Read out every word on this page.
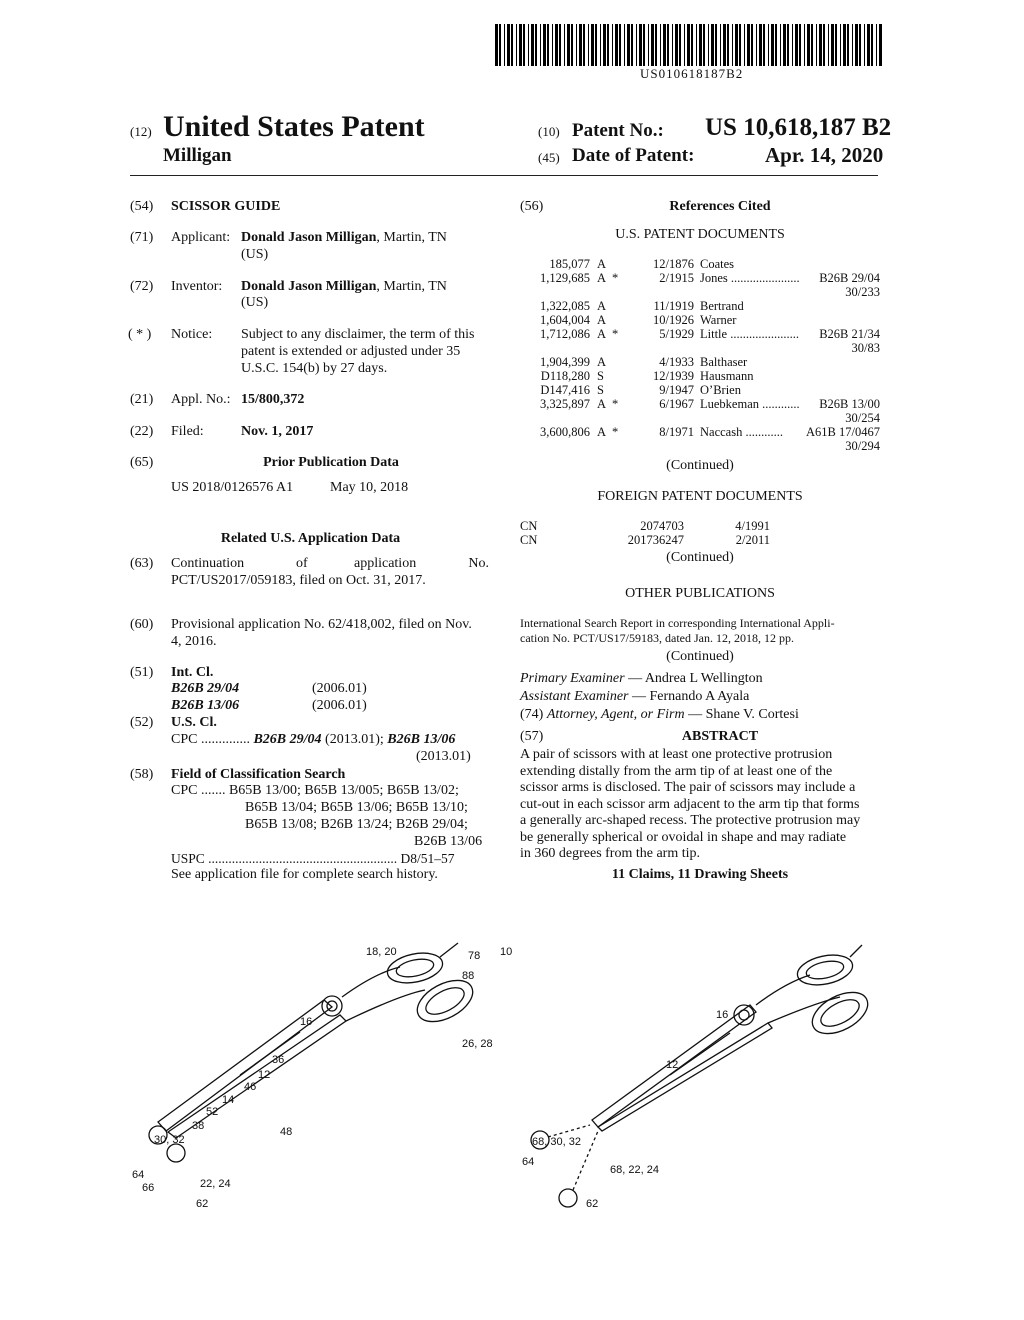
US010618187B2
(12) United States Patent
Milligan
(10) Patent No.: US 10,618,187 B2
(45) Date of Patent:	Apr. 14, 2020
(54) SCISSOR GUIDE
(71) Applicant: Donald Jason Milligan, Martin, TN
(US)
(72) Inventor: Donald Jason Milligan, Martin, TN
(US)
( * ) Notice: Subject to any disclaimer, the term of this
patent is extended or adjusted under 35
U.S.C. 154(b) by 27 days.
(21) Appl. No.: 15/800,372
(22) Filed:	Nov. 1, 2017
(65)	Prior Publication Data
US 2018/0126576 A1	May 10, 2018
Related U.S. Application Data
(63) Continuation	of	application	No.
PCT/US2017/059183, filed on Oct. 31, 2017.
(60) Provisional application No. 62/418,002, filed on Nov.
4, 2016.
(51) Int. Cl.
B26B 29/04	(2006.01)
B26B 13/06	(2006.01)
(52) U.S. Cl.
CPC .............. B26B 29/04 (2013.01); B26B 13/06
(2013.01)
(58) Field of Classification Search
CPC ....... B65B 13/00; B65B 13/005; B65B 13/02;
B65B 13/04; B65B 13/06; B65B 13/10;
B65B 13/08; B26B 13/24; B26B 29/04;
B26B 13/06
USPC ........................................................ D8/51–57
See application file for complete search history.
(56)	References Cited
U.S. PATENT DOCUMENTS
185,077 A	12/1876 Coates
1,129,685 A *	2/1915 Jones ...................... B26B 29/04
30/233
1,322,085 A	11/1919 Bertrand
1,604,004 A	10/1926 Warner
1,712,086 A *	5/1929 Little ...................... B26B 21/34
30/83
1,904,399 A	4/1933 Balthaser
D118,280 S	12/1939 Hausmann
D147,416 S	9/1947 O’Brien
3,325,897 A *	6/1967 Luebkeman ............ B26B 13/00
30/254
3,600,806 A *	8/1971 Naccash ............ A61B 17/0467
30/294
(Continued)
FOREIGN PATENT DOCUMENTS
CN	2074703	4/1991
CN	201736247	2/2011
(Continued)
OTHER PUBLICATIONS
International Search Report in corresponding International Appli-
cation No. PCT/US17/59183, dated Jan. 12, 2018, 12 pp.
(Continued)
Primary Examiner — Andrea L Wellington
Assistant Examiner — Fernando A Ayala
(74) Attorney, Agent, or Firm — Shane V. Cortesi
(57)	ABSTRACT
A pair of scissors with at least one protective protrusion
extending distally from the arm tip of at least one of the
scissor arms is disclosed. The pair of scissors may include a
cut-out in each scissor arm adjacent to the arm tip that forms
a generally arc-shaped recess. The protective protrusion may
be generally spherical or ovoidal in shape and may radiate
in 360 degrees from the arm tip.
11 Claims, 11 Drawing Sheets
18, 20	78 10
88
16
26, 28
36
12
46
14
52
38	48
30, 32
64
66	22, 24
62
16
12
68, 30, 32
64
68, 22, 24
62
